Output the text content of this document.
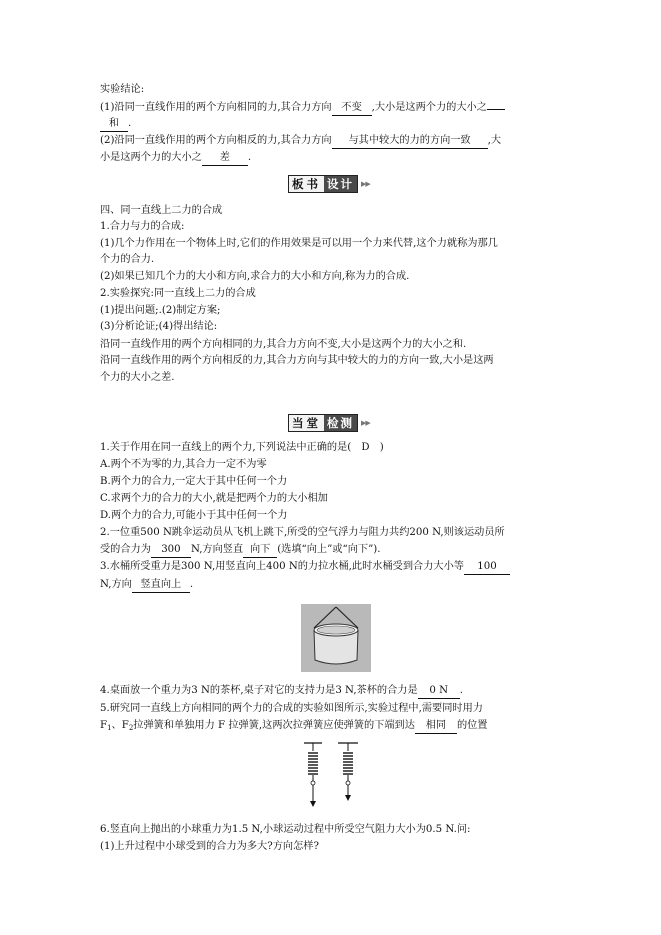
实验结论:
(1)沿同一直线作用的两个方向相同的力,其合力方向 不变 ,大小是这两个力的大小之
和 .
(2)沿同一直线作用的两个方向相反的力,其合力方向 与其中较大的力的方向一致 ,大
小是这两个力的大小之 差 .
板书 设计	▶▶
四、同一直线上二力的合成
1.合力与力的合成:
(1)几个力作用在一个物体上时,它们的作用效果是可以用一个力来代替,这个力就称为那几
个力的合力.
(2)如果已知几个力的大小和方向,求合力的大小和方向,称为力的合成.
2.实验探究:同一直线上二力的合成
(1)提出问题;.(2)制定方案;
(3)分析论证;(4)得出结论:
沿同一直线作用的两个方向相同的力,其合力方向不变,大小是这两个力的大小之和.
沿同一直线作用的两个方向相反的力,其合力方向与其中较大的力的方向一致,大小是这两
个力的大小之差.
当堂 检测	▶▶
1.关于作用在同一直线上的两个力,下列说法中正确的是(　D　)
A.两个不为零的力,其合力一定不为零
B.两个力的合力,一定大于其中任何一个力
C.求两个力的合力的大小,就是把两个力的大小相加
D.两个力的合力,可能小于其中任何一个力
2.一位重500 N跳伞运动员从飞机上跳下,所受的空气浮力与阻力共约200 N,则该运动员所
受的合力为 300 N,方向竖直 向下 (选填“向上”或“向下”).
3.水桶所受重力是300 N,用竖直向上400 N的力拉水桶,此时水桶受到合力大小等 100
N,方向 竖直向上 .
4.桌面放一个重力为3 N的茶杯,桌子对它的支持力是3 N,茶杯的合力是 0 N .
5.研究同一直线上方向相同的两个力的合成的实验如图所示,实验过程中,需要同时用力
$F_1$、$F_2$拉弹簧和单独用力 F 拉弹簧,这两次拉弹簧应使弹簧的下端到达 相同 的位置
6.竖直向上抛出的小球重力为1.5 N,小球运动过程中所受空气阻力大小为0.5 N.问:
(1)上升过程中小球受到的合力为多大?方向怎样?
